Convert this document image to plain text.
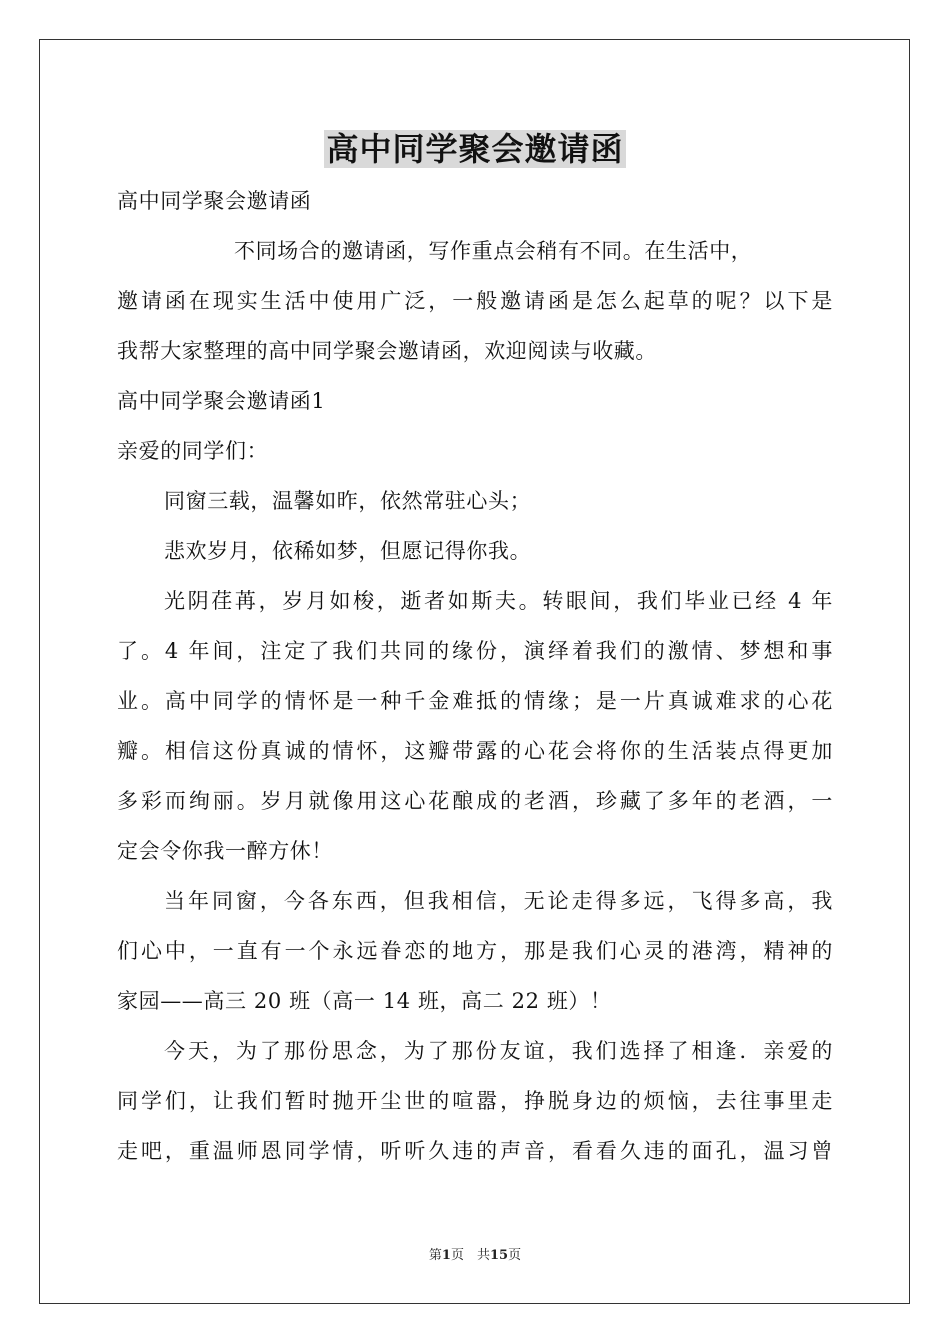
高中同学聚会邀请函
高中同学聚会邀请函
不同场合的邀请函，写作重点会稍有不同。在生活中，
邀请函在现实生活中使用广泛，一般邀请函是怎么起草的呢？以下是
我帮大家整理的高中同学聚会邀请函，欢迎阅读与收藏。
高中同学聚会邀请函1
亲爱的同学们：
同窗三载，温馨如昨，依然常驻心头；
悲欢岁月，依稀如梦，但愿记得你我。
光阴荏苒，岁月如梭，逝者如斯夫。转眼间，我们毕业已经 4 年
了。4 年间，注定了我们共同的缘份，演绎着我们的激情、梦想和事
业。高中同学的情怀是一种千金难抵的情缘；是一片真诚难求的心花
瓣。相信这份真诚的情怀，这瓣带露的心花会将你的生活装点得更加
多彩而绚丽。岁月就像用这心花酿成的老酒，珍藏了多年的老酒，一
定会令你我一醉方休！
当年同窗，今各东西，但我相信，无论走得多远，飞得多高，我
们心中，一直有一个永远眷恋的地方，那是我们心灵的港湾，精神的
家园——高三 20 班（高一 14 班，高二 22 班）！
今天，为了那份思念，为了那份友谊，我们选择了相逢．亲爱的
同学们，让我们暂时抛开尘世的喧嚣，挣脱身边的烦恼，去往事里走
走吧，重温师恩同学情，听听久违的声音，看看久违的面孔，温习曾
第1页　共15页
